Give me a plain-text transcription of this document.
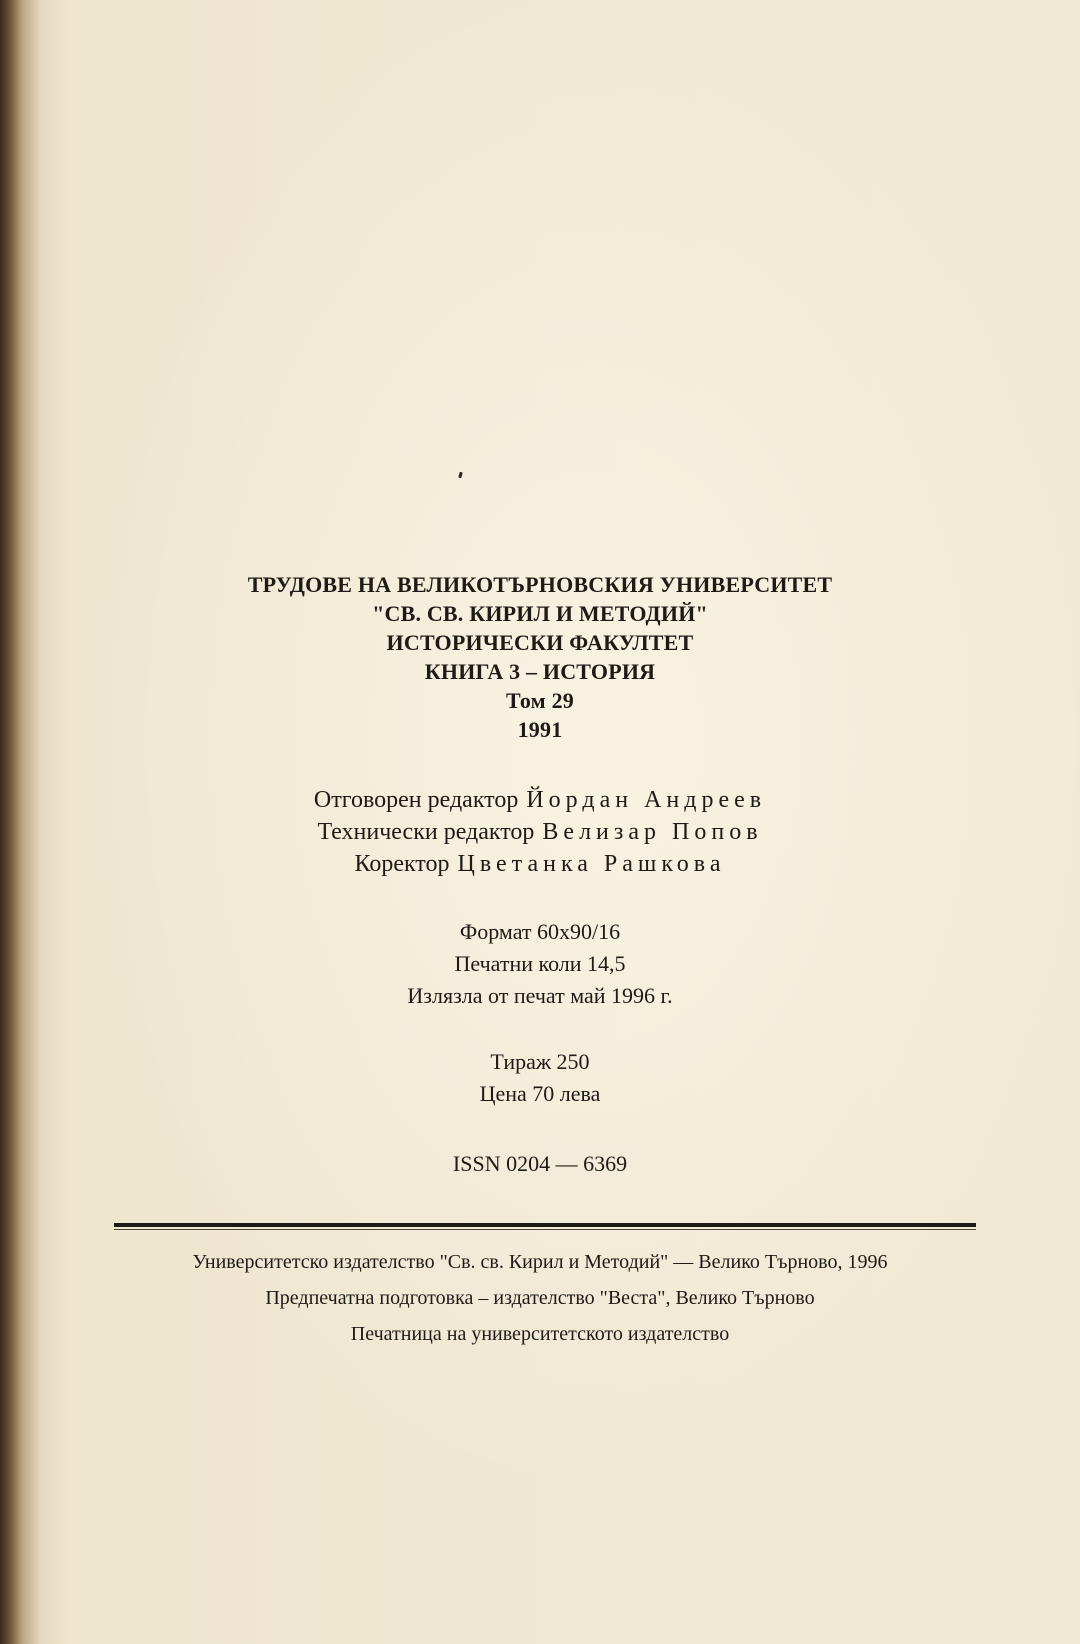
ТРУДОВЕ НА ВЕЛИКОТЪРНОВСКИЯ УНИВЕРСИТЕТ
"СВ. СВ. КИРИЛ И МЕТОДИЙ"
ИСТОРИЧЕСКИ ФАКУЛТЕТ
КНИГА 3 – ИСТОРИЯ
Том 29
1991
Отговорен редактор Йордан Андреев
Технически редактор Велизар Попов
Коректор Цветанка Рашкова
Формат 60х90/16
Печатни коли 14,5
Излязла от печат май 1996 г.
Тираж 250
Цена 70 лева
ISSN 0204 — 6369
Университетско издателство "Св. св. Кирил и Методий" — Велико Търново, 1996
Предпечатна подготовка – издателство "Веста", Велико Търново
Печатница на университетското издателство
